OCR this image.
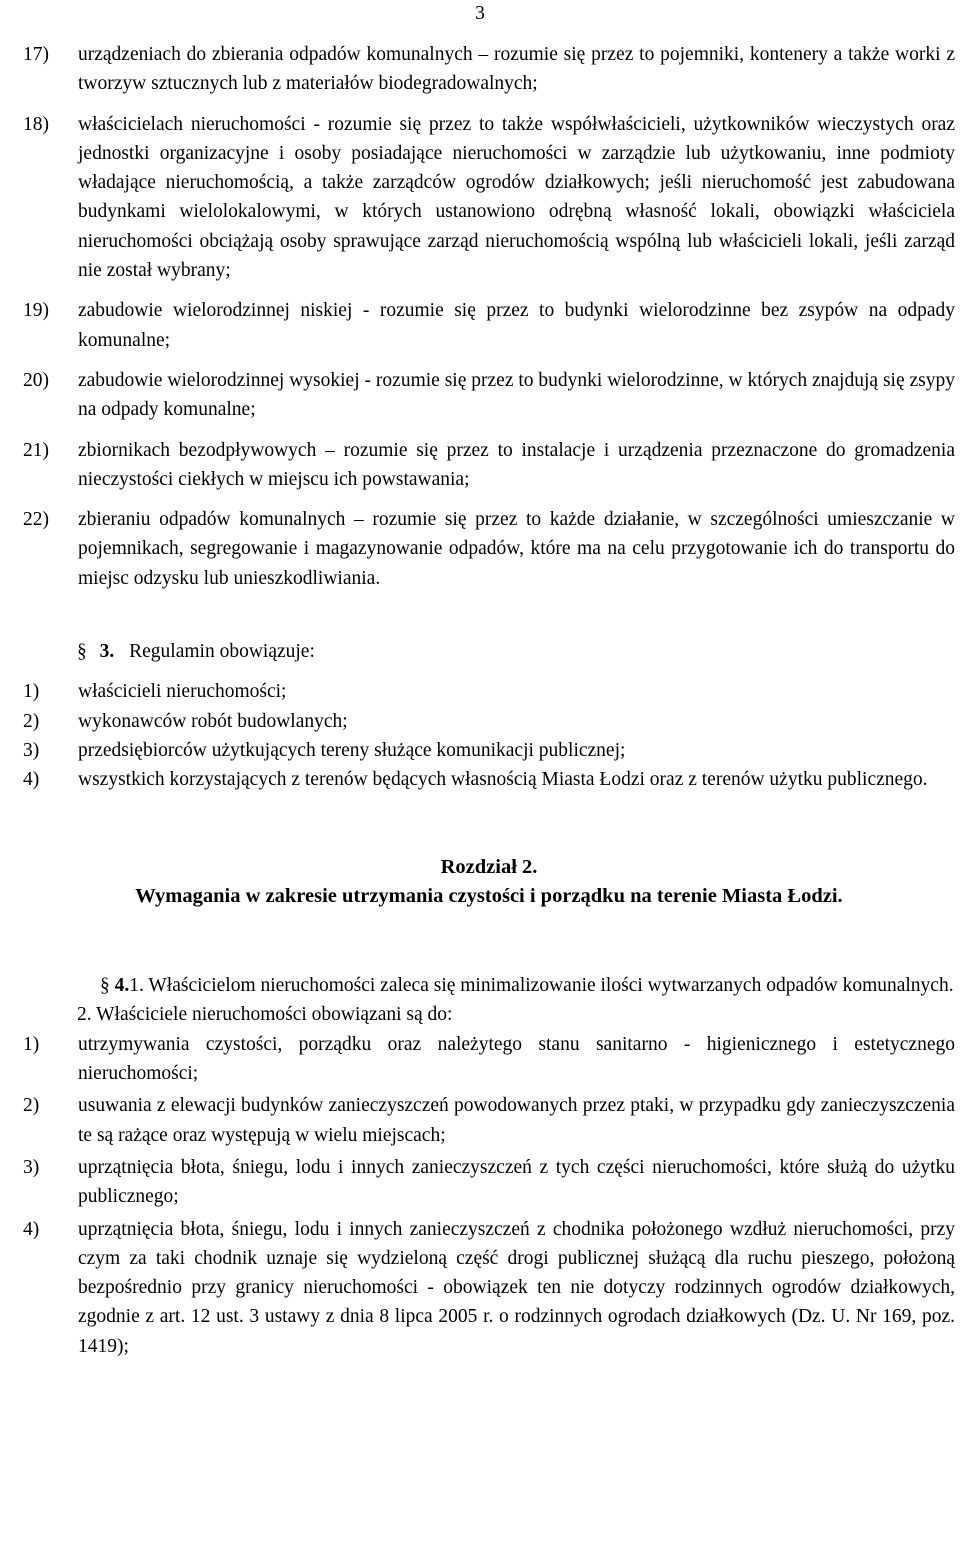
3
17) urządzeniach do zbierania odpadów komunalnych – rozumie się przez to pojemniki, kontenery a także worki z tworzyw sztucznych lub z materiałów biodegradowalnych;
18) właścicielach nieruchomości - rozumie się przez to także współwłaścicieli, użytkowników wieczystych oraz jednostki organizacyjne i osoby posiadające nieruchomości w zarządzie lub użytkowaniu, inne podmioty władające nieruchomością, a także zarządców ogrodów działkowych; jeśli nieruchomość jest zabudowana budynkami wielolokalowymi, w których ustanowiono odrębną własność lokali, obowiązki właściciela nieruchomości obciążają osoby sprawujące zarząd nieruchomością wspólną lub właścicieli lokali, jeśli zarząd nie został wybrany;
19) zabudowie wielorodzinnej niskiej - rozumie się przez to budynki wielorodzinne bez zsypów na odpady komunalne;
20) zabudowie wielorodzinnej wysokiej - rozumie się przez to budynki wielorodzinne, w których znajdują się zsypy na odpady komunalne;
21) zbiornikach bezodpływowych – rozumie się przez to instalacje i urządzenia przeznaczone do gromadzenia nieczystości ciekłych w miejscu ich powstawania;
22) zbieraniu odpadów komunalnych – rozumie się przez to każde działanie, w szczególności umieszczanie w pojemnikach, segregowanie i magazynowanie odpadów, które ma na celu przygotowanie ich do transportu do miejsc odzysku lub unieszkodliwiania.
§ 3. Regulamin obowiązuje:
1) właścicieli nieruchomości;
2) wykonawców robót budowlanych;
3) przedsiębiorców użytkujących tereny służące komunikacji publicznej;
4) wszystkich korzystających z terenów będących własnością Miasta Łodzi oraz z terenów użytku publicznego.
Rozdział 2.
Wymagania w zakresie utrzymania czystości i porządku na terenie Miasta Łodzi.
§ 4.1. Właścicielom nieruchomości zaleca się minimalizowanie ilości wytwarzanych odpadów komunalnych.
2. Właściciele nieruchomości obowiązani są do:
1) utrzymywania czystości, porządku oraz należytego stanu sanitarno - higienicznego i estetycznego nieruchomości;
2) usuwania z elewacji budynków zanieczyszczeń powodowanych przez ptaki, w przypadku gdy zanieczyszczenia te są rażące oraz występują w wielu miejscach;
3) uprzątnięcia błota, śniegu, lodu i innych zanieczyszczeń z tych części nieruchomości, które służą do użytku publicznego;
4) uprzątnięcia błota, śniegu, lodu i innych zanieczyszczeń z chodnika położonego wzdłuż nieruchomości, przy czym za taki chodnik uznaje się wydzieloną część drogi publicznej służącą dla ruchu pieszego, położoną bezpośrednio przy granicy nieruchomości - obowiązek ten nie dotyczy rodzinnych ogrodów działkowych, zgodnie z art. 12 ust. 3 ustawy z dnia 8 lipca 2005 r. o rodzinnych ogrodach działkowych (Dz. U. Nr 169, poz. 1419);
